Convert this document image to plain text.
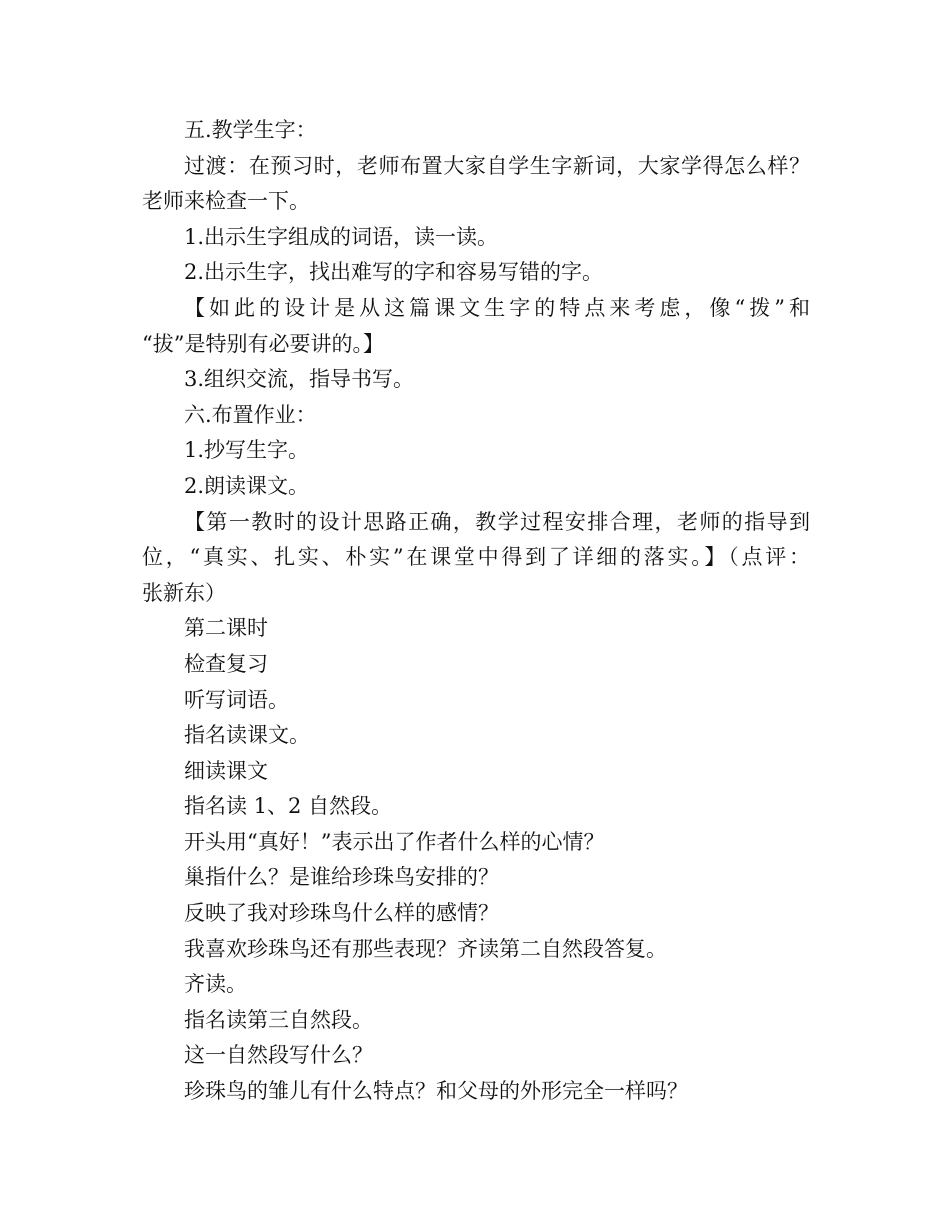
五.教学生字：
过渡：在预习时，老师布置大家自学生字新词，大家学得怎么样？
老师来检查一下。
1.出示生字组成的词语，读一读。
2.出示生字，找出难写的字和容易写错的字。
【如此的设计是从这篇课文生字的特点来考虑，像“拨”和
“拔”是特别有必要讲的。】
3.组织交流，指导书写。
六.布置作业：
1.抄写生字。
2.朗读课文。
【第一教时的设计思路正确，教学过程安排合理，老师的指导到
位，“真实、扎实、朴实”在课堂中得到了详细的落实。】（点评：
张新东）
第二课时
检查复习
听写词语。
指名读课文。
细读课文
指名读 1、2 自然段。
开头用“真好！”表示出了作者什么样的心情？
巢指什么？是谁给珍珠鸟安排的？
反映了我对珍珠鸟什么样的感情？
我喜欢珍珠鸟还有那些表现？齐读第二自然段答复。
齐读。
指名读第三自然段。
这一自然段写什么？
珍珠鸟的雏儿有什么特点？和父母的外形完全一样吗？
